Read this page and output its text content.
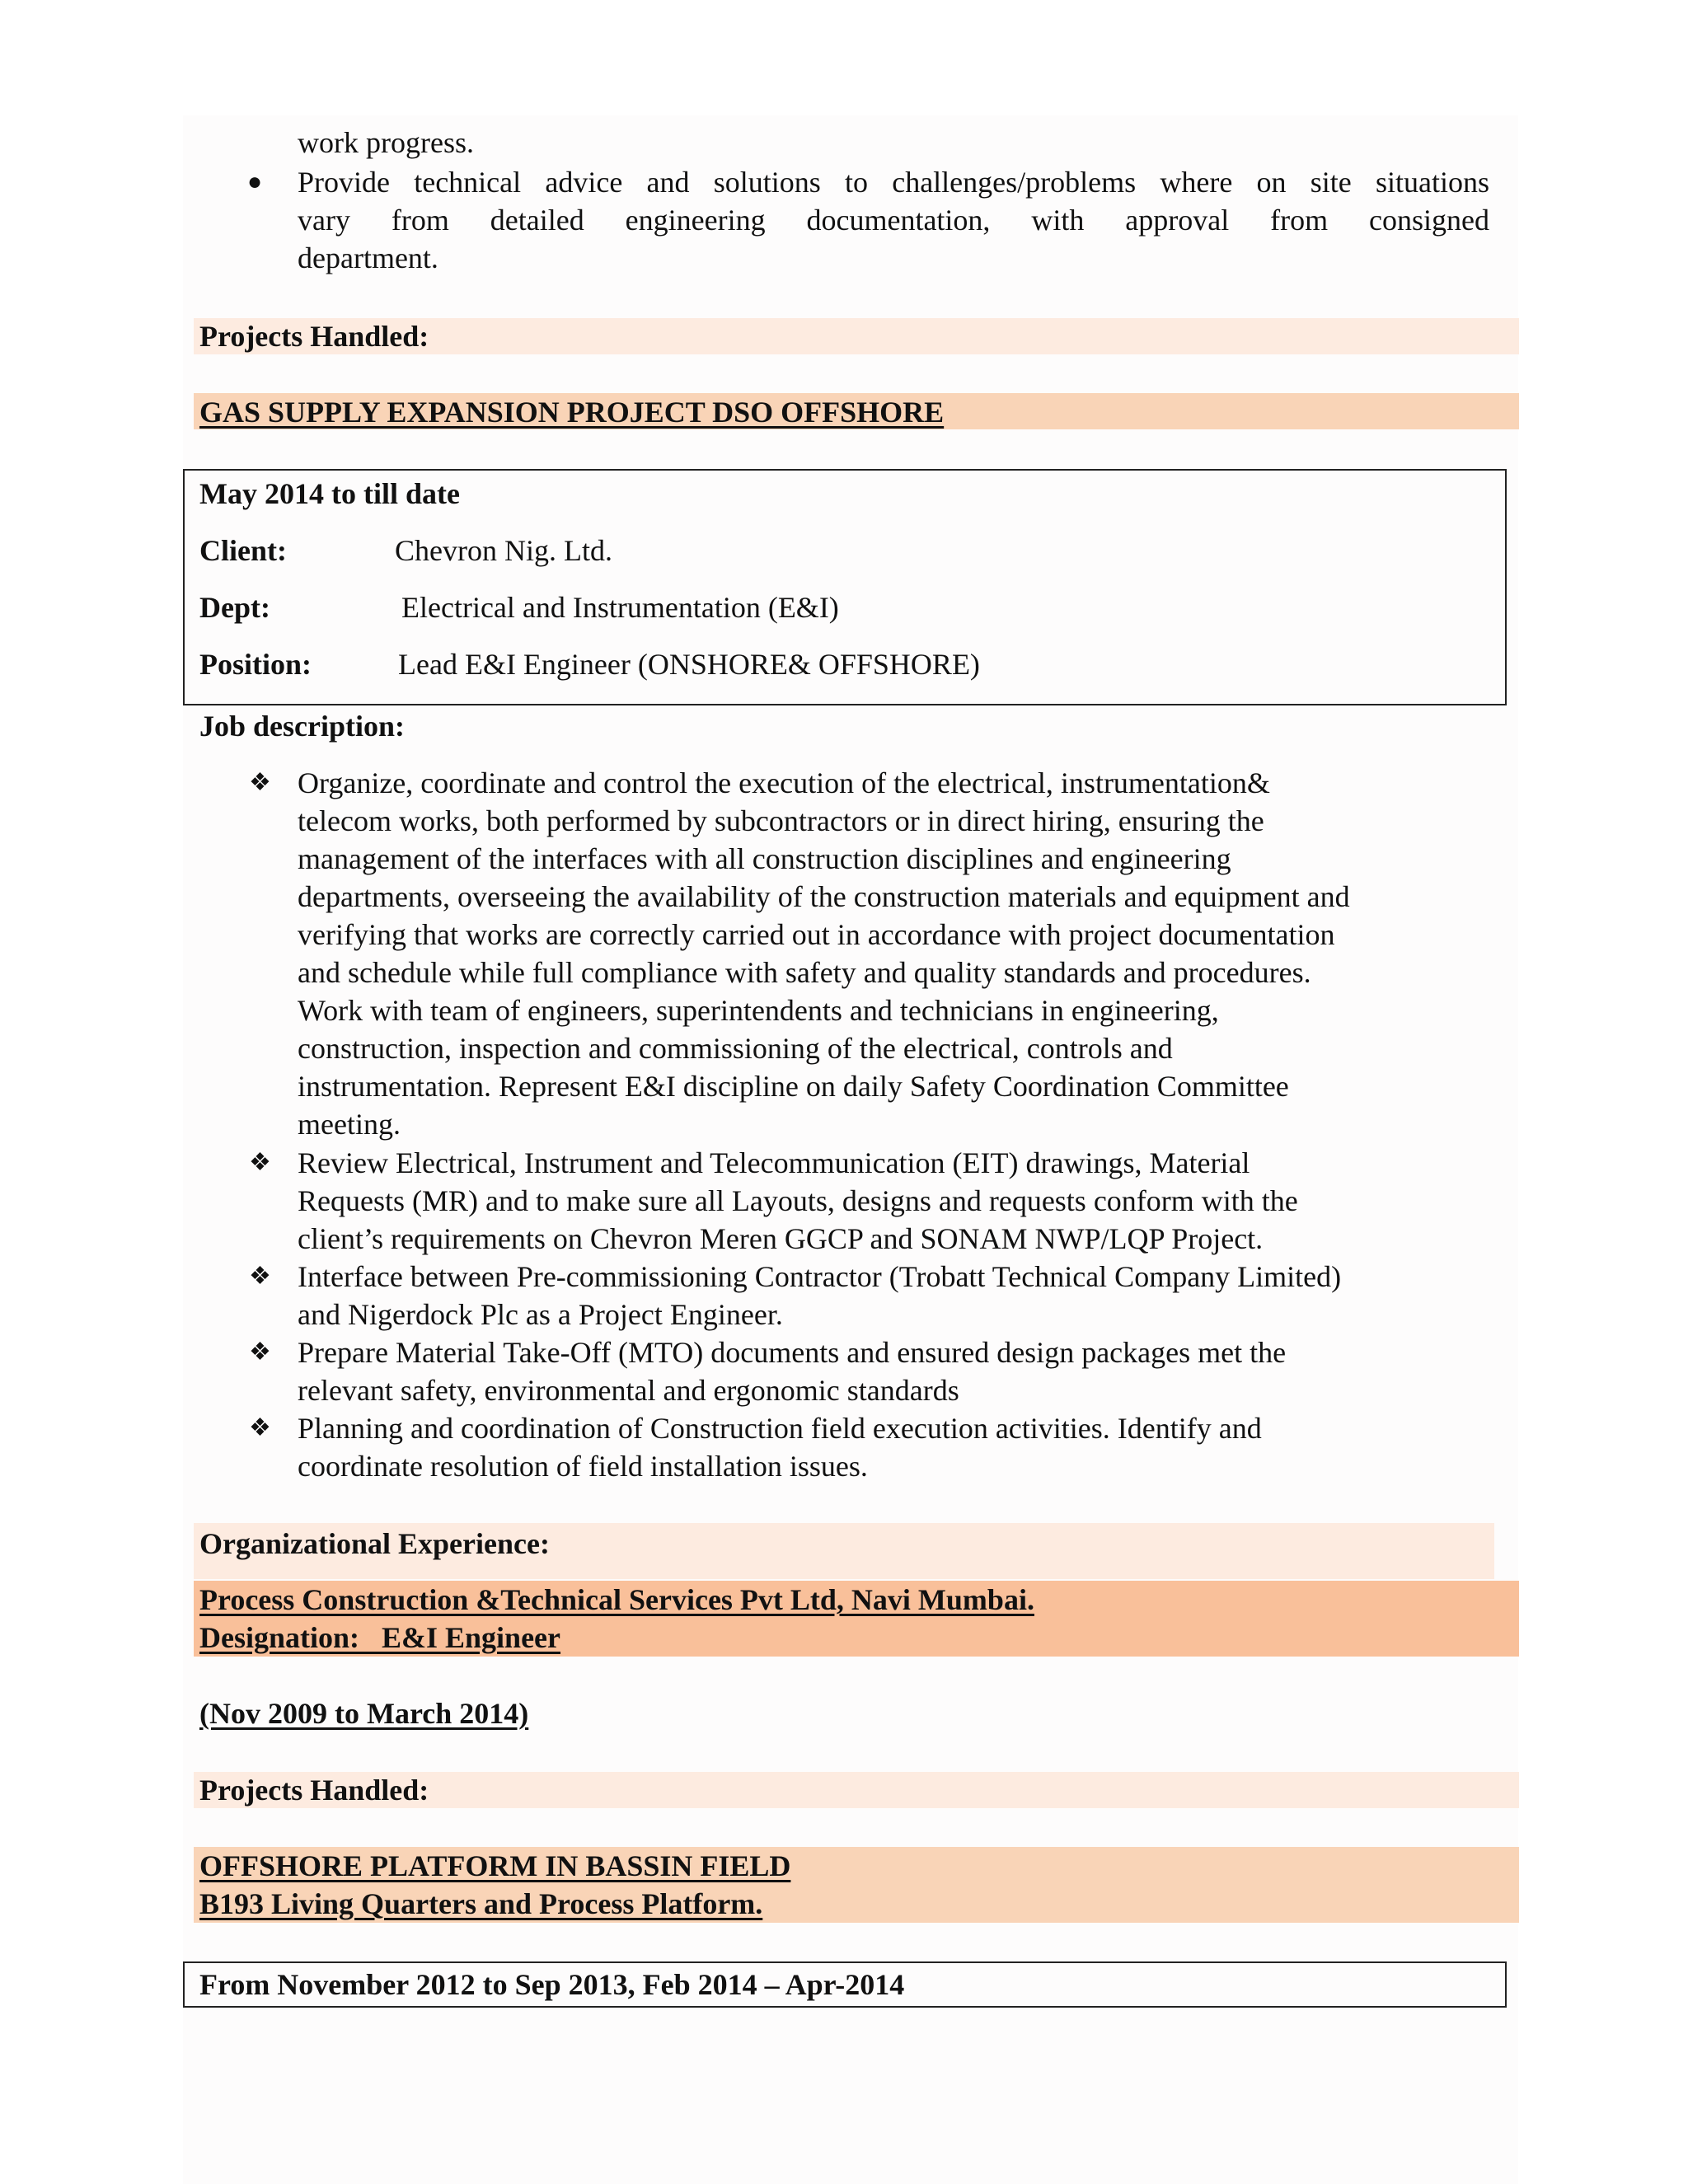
work progress.
● Provide technical advice and solutions to challenges/problems where on site situations
vary from detailed engineering documentation, with approval from consigned
department.
Projects Handled:
GAS SUPPLY EXPANSION PROJECT DSO OFFSHORE
May 2014 to till date
Client:	Chevron Nig. Ltd.
Dept:	Electrical and Instrumentation (E&I)
Position:	Lead E&I Engineer (ONSHORE& OFFSHORE)
Job description:
❖ Organize, coordinate and control the execution of the electrical, instrumentation&
telecom works, both performed by subcontractors or in direct hiring, ensuring the
management of the interfaces with all construction disciplines and engineering
departments, overseeing the availability of the construction materials and equipment and
verifying that works are correctly carried out in accordance with project documentation
and schedule while full compliance with safety and quality standards and procedures.
Work with team of engineers, superintendents and technicians in engineering,
construction, inspection and commissioning of the electrical, controls and
instrumentation. Represent E&I discipline on daily Safety Coordination Committee
meeting.
❖ Review Electrical, Instrument and Telecommunication (EIT) drawings, Material
Requests (MR) and to make sure all Layouts, designs and requests conform with the
client’s requirements on Chevron Meren GGCP and SONAM NWP/LQP Project.
❖ Interface between Pre-commissioning Contractor (Trobatt Technical Company Limited)
and Nigerdock Plc as a Project Engineer.
❖ Prepare Material Take-Off (MTO) documents and ensured design packages met the
relevant safety, environmental and ergonomic standards
❖ Planning and coordination of Construction field execution activities. Identify and
coordinate resolution of field installation issues.
Organizational Experience:
Process Construction &Technical Services Pvt Ltd, Navi Mumbai.
Designation:   E&I Engineer
(Nov 2009 to March 2014)
Projects Handled:
OFFSHORE PLATFORM IN BASSIN FIELD
B193 Living Quarters and Process Platform.
From November 2012 to Sep 2013, Feb 2014 – Apr-2014
